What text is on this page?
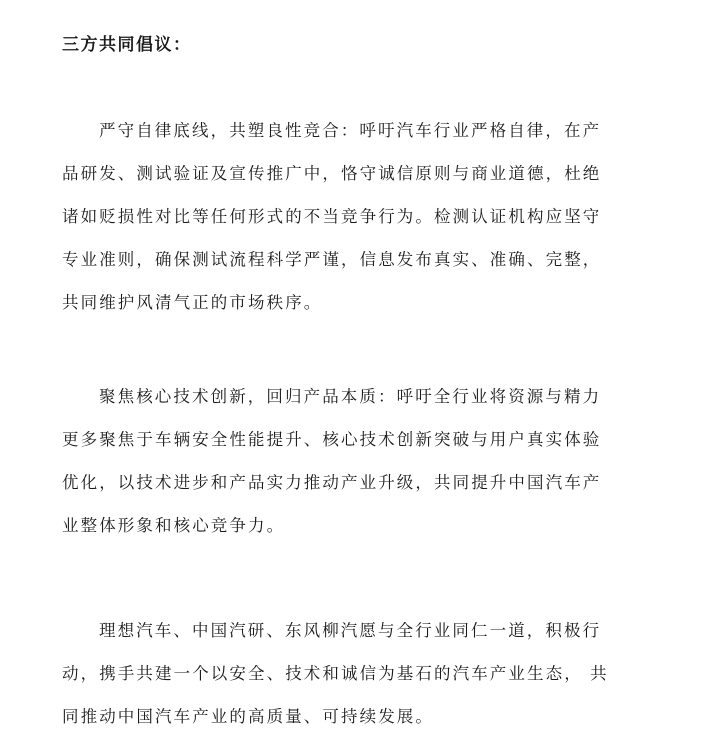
三方共同倡议：
严守自律底线，共塑良性竞合：呼吁汽车行业严格自律，在产
品研发、测试验证及宣传推广中，恪守诚信原则与商业道德，杜绝
诸如贬损性对比等任何形式的不当竞争行为。检测认证机构应坚守
专业准则，确保测试流程科学严谨，信息发布真实、准确、完整，
共同维护风清气正的市场秩序。
聚焦核心技术创新，回归产品本质：呼吁全行业将资源与精力
更多聚焦于车辆安全性能提升、核心技术创新突破与用户真实体验
优化，以技术进步和产品实力推动产业升级，共同提升中国汽车产
业整体形象和核心竞争力。
理想汽车、中国汽研、东风柳汽愿与全行业同仁一道，积极行
动，携手共建一个以安全、技术和诚信为基石的汽车产业生态， 共
同推动中国汽车产业的高质量、可持续发展。
